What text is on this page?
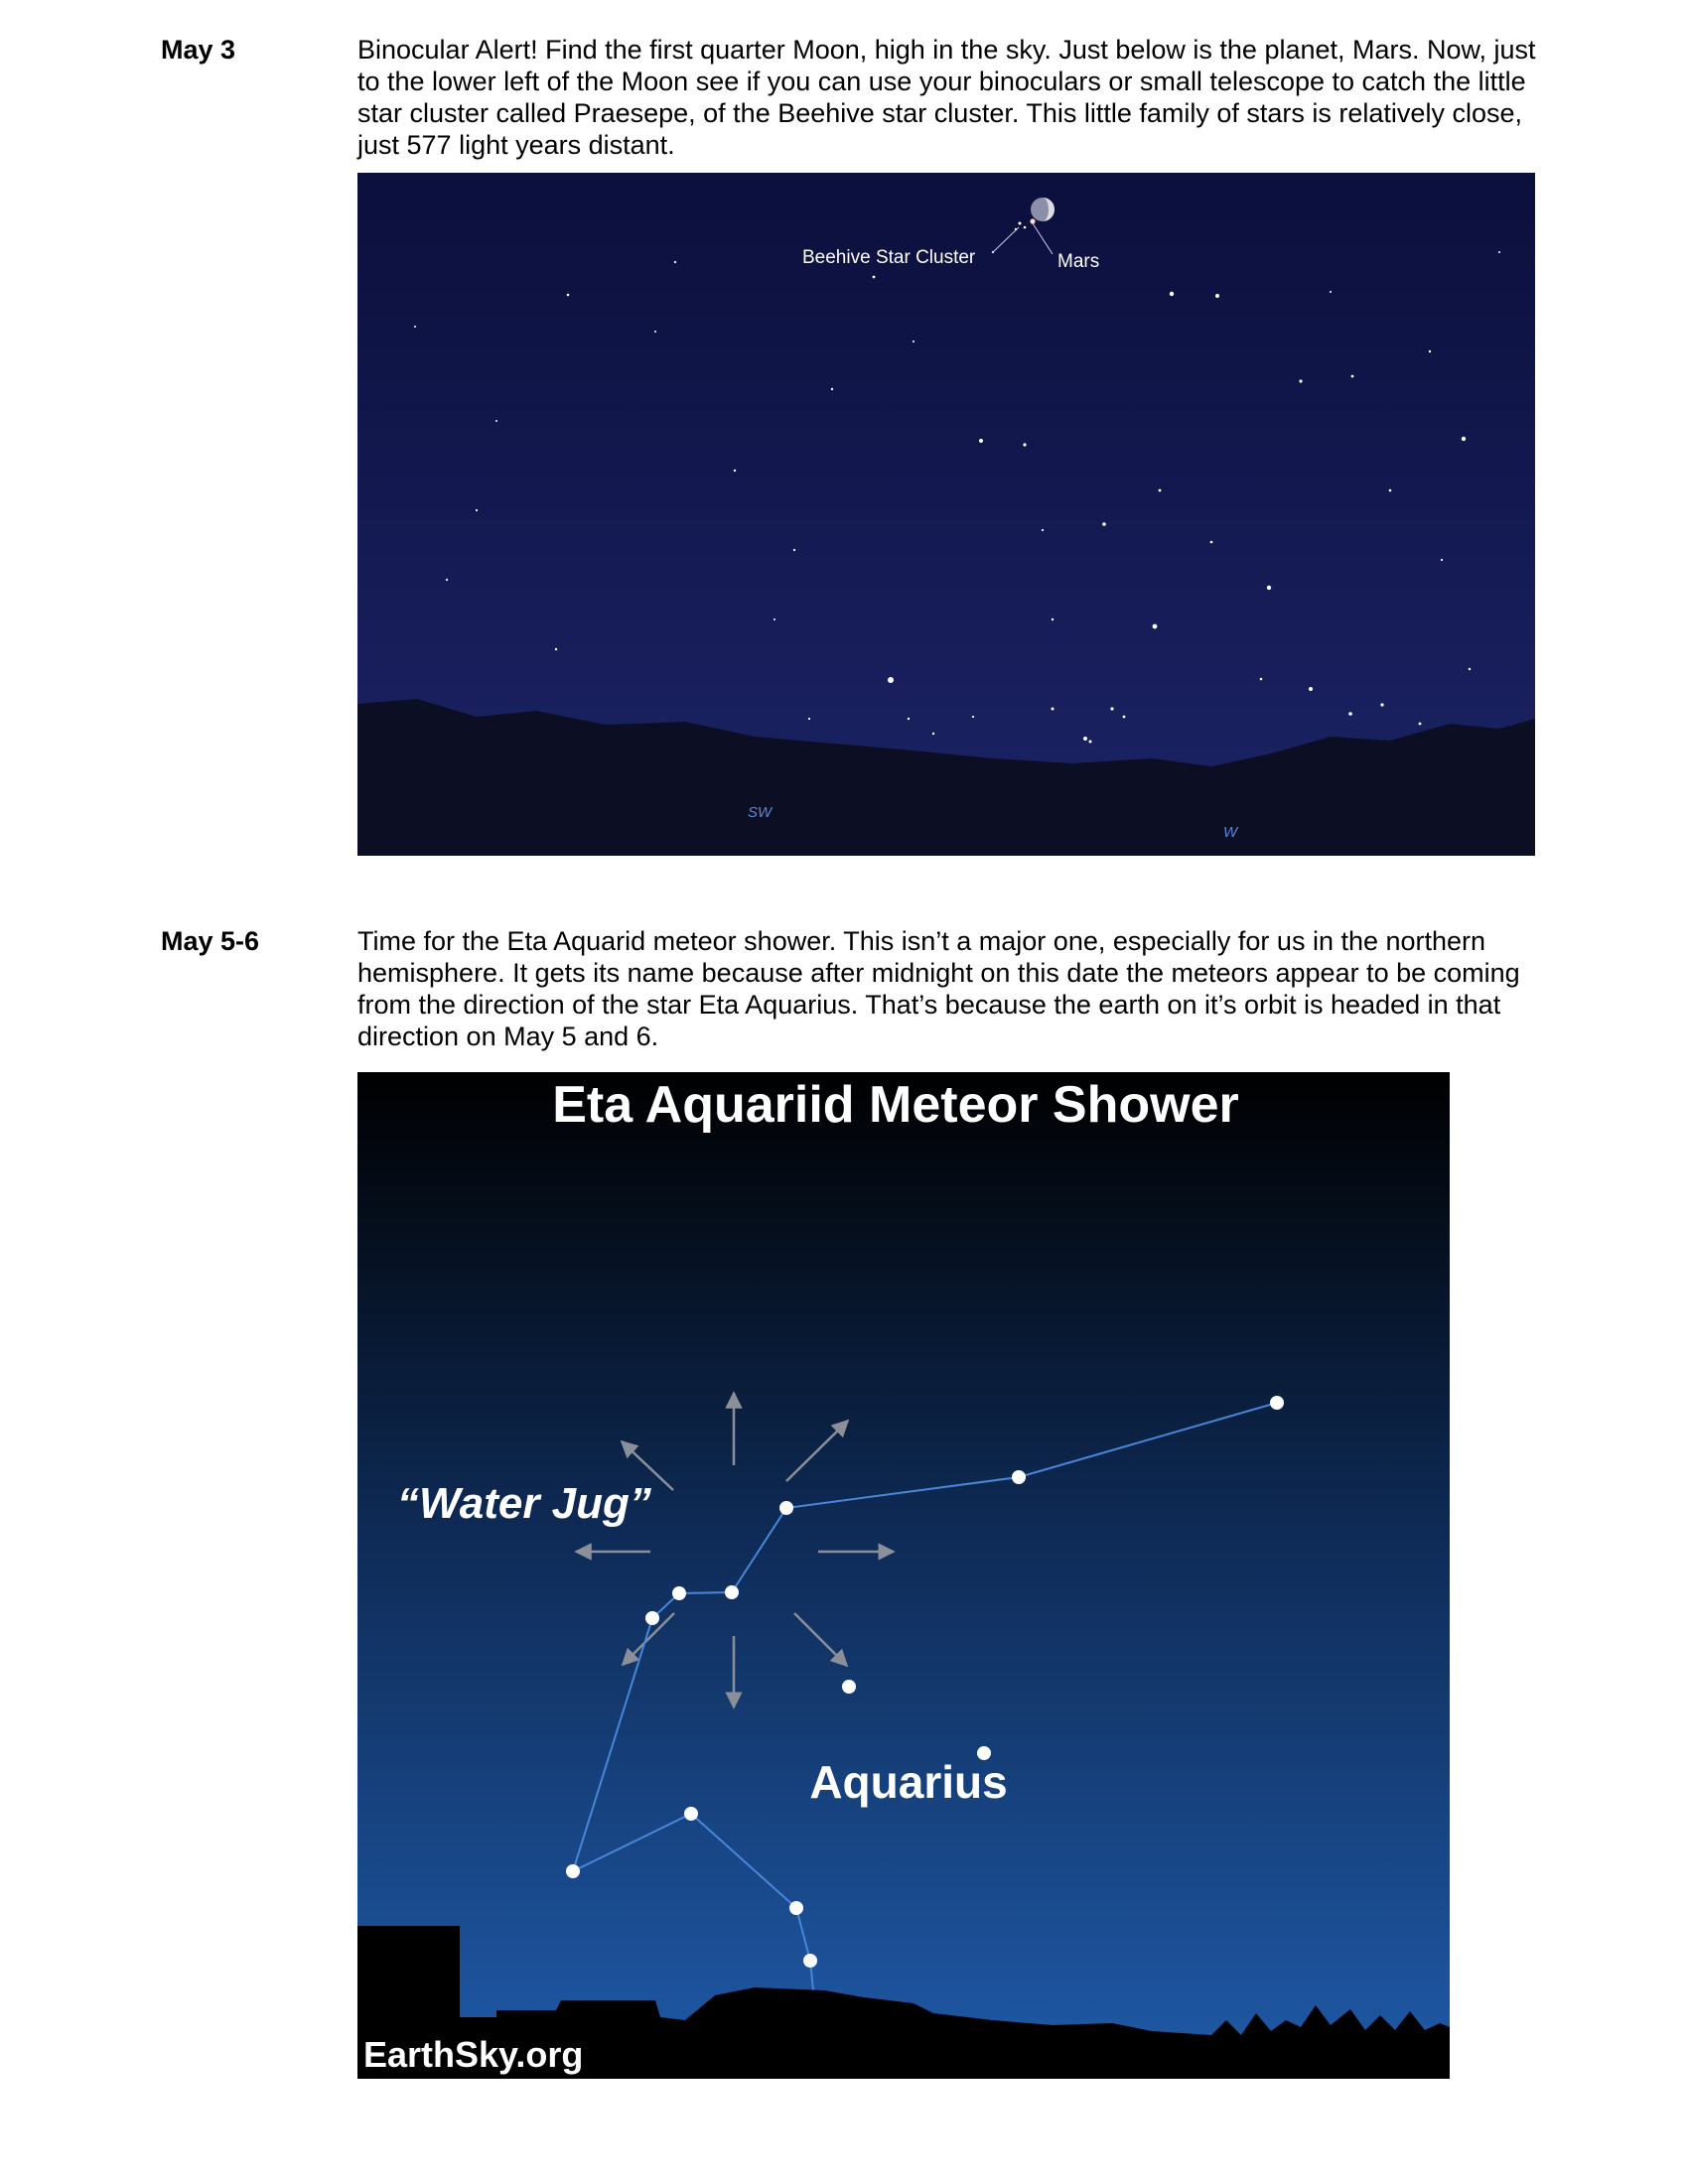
May 3	Binocular Alert! Find the first quarter Moon, high in the sky. Just below is the planet, Mars. Now, just to the lower left of the Moon see if you can use your binoculars or small telescope to catch the little star cluster called Praesepe, of the Beehive star cluster. This little family of stars is relatively close, just 577 light years distant.

Beehive Star Cluster	Mars
SW
W
May 5-6	Time for the Eta Aquarid meteor shower. This isn’t a major one, especially for us in the northern hemisphere. It gets its name because after midnight on this date the meteors appear to be coming from the direction of the star Eta Aquarius. That’s because the earth on it’s orbit is headed in that direction on May 5 and 6.

Eta Aquariid Meteor Shower
“Water Jug”
Aquarius
EarthSky.org
